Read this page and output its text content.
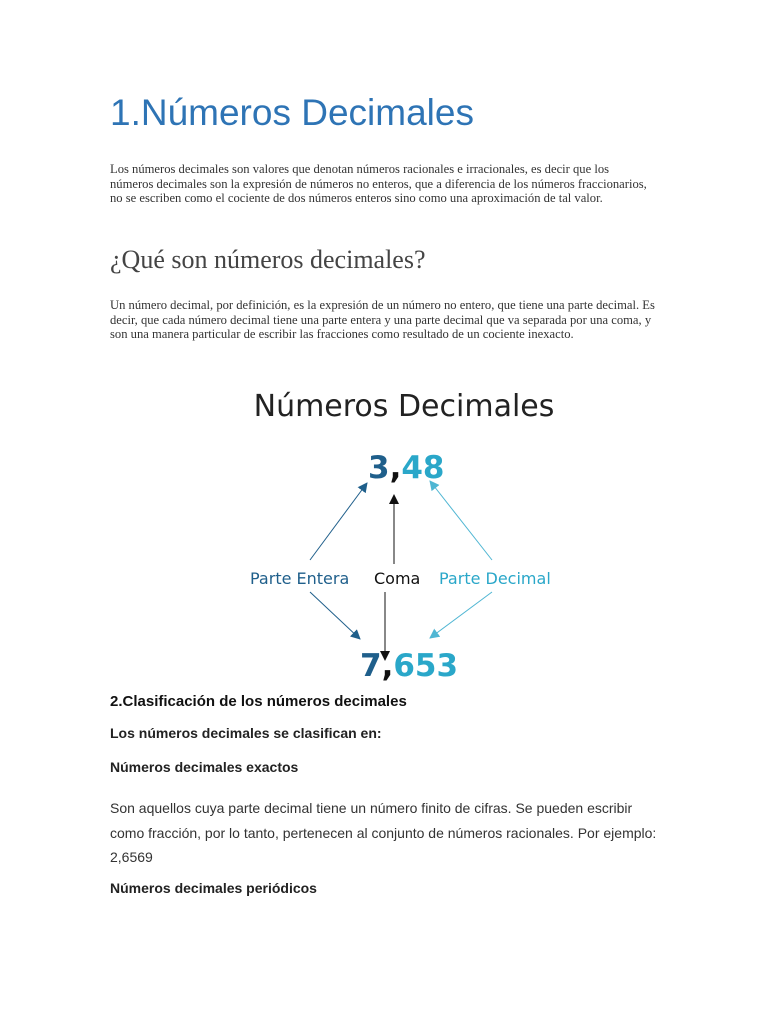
1.Números Decimales
Los números decimales son valores que denotan números racionales e irracionales, es decir que los números decimales son la expresión de números no enteros, que a diferencia de los números fraccionarios, no se escriben como el cociente de dos números enteros sino como una aproximación de tal valor.
¿Qué son números decimales?
Un número decimal, por definición, es la expresión de un número no entero, que tiene una parte decimal. Es decir, que cada número decimal tiene una parte entera y una parte decimal que va separada por una coma, y son una manera particular de escribir las fracciones como resultado de un cociente inexacto.
Números Decimales
3,48
Parte Entera Coma Parte Decimal
7,653
2.Clasificación de los números decimales
Los números decimales se clasifican en:
Números decimales exactos
Son aquellos cuya parte decimal tiene un número finito de cifras. Se pueden escribir como fracción, por lo tanto, pertenecen al conjunto de números racionales. Por ejemplo: 2,6569
Números decimales periódicos
